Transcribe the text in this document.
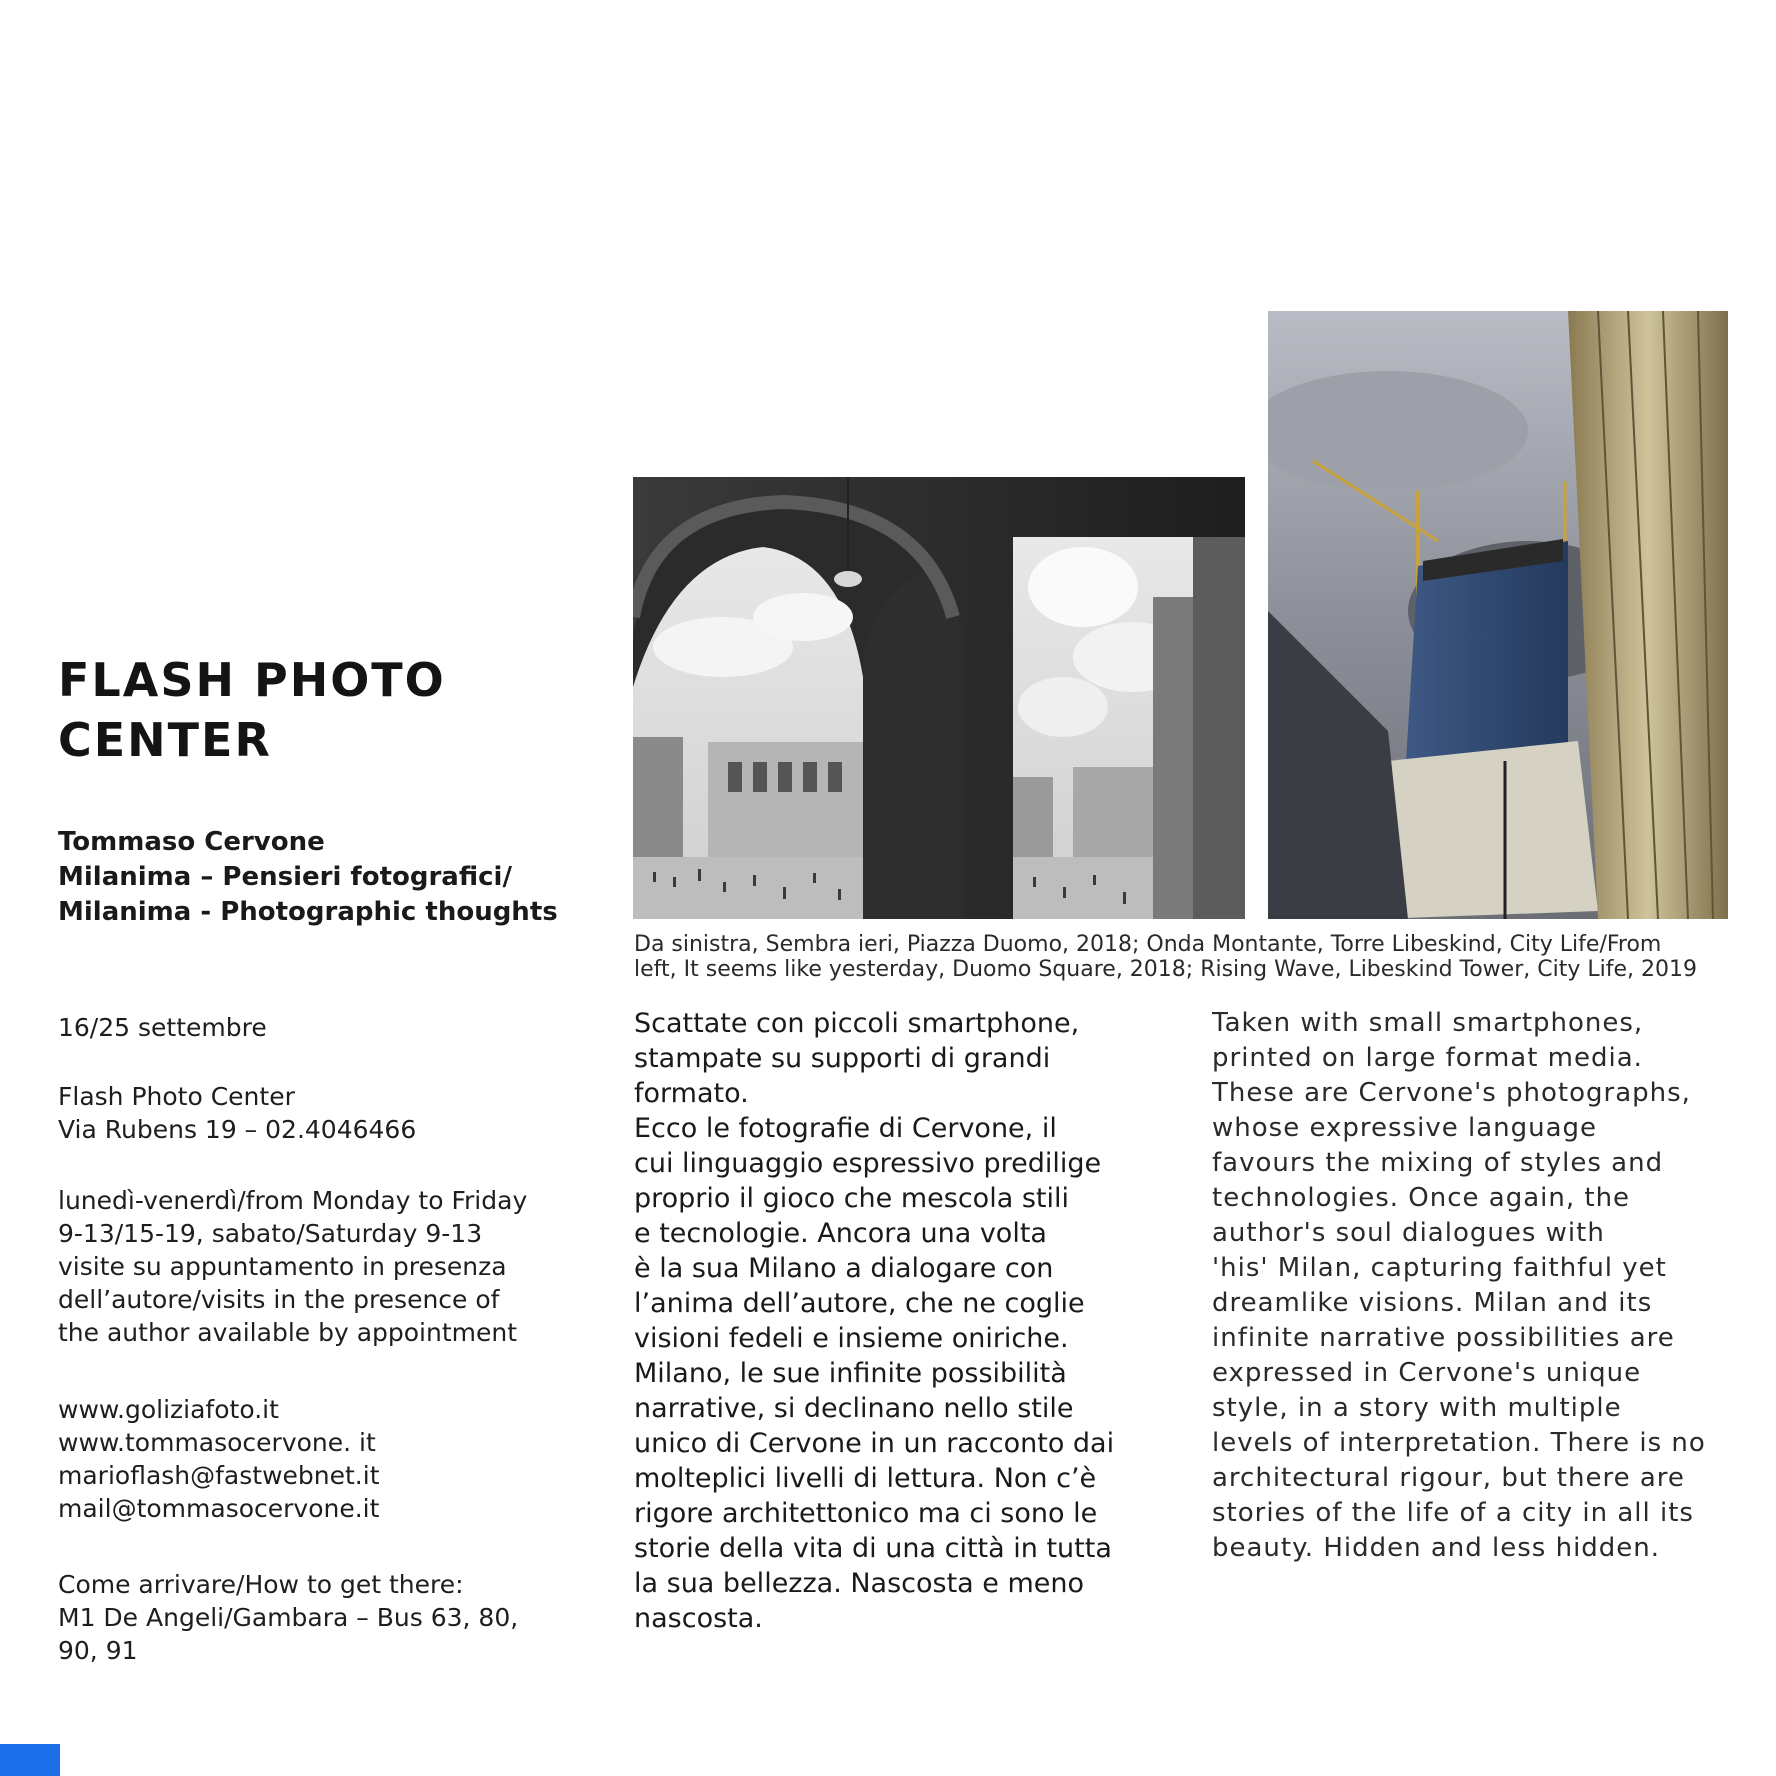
FLASH PHOTO
CENTER
Tommaso Cervone
Milanima – Pensieri fotografici/
Milanima - Photographic thoughts
16/25 settembre
Flash Photo Center
Via Rubens 19 – 02.4046466
lunedì-venerdì/from Monday to Friday
9-13/15-19, sabato/Saturday 9-13
visite su appuntamento in presenza
dell’autore/visits in the presence of
the author available by appointment
www.goliziafoto.it
www.tommasocervone. it
marioflash@fastwebnet.it
mail@tommasocervone.it
Come arrivare/How to get there:
M1 De Angeli/Gambara – Bus 63, 80,
90, 91
Da sinistra, Sembra ieri, Piazza Duomo, 2018; Onda Montante, Torre Libeskind, City Life/From
left, It seems like yesterday, Duomo Square, 2018; Rising Wave, Libeskind Tower, City Life, 2019
Scattate con piccoli smartphone,
stampate su supporti di grandi
formato.
Ecco le fotografie di Cervone, il
cui linguaggio espressivo predilige
proprio il gioco che mescola stili
e tecnologie. Ancora una volta
è la sua Milano a dialogare con
l’anima dell’autore, che ne coglie
visioni fedeli e insieme oniriche.
Milano, le sue infinite possibilità
narrative, si declinano nello stile
unico di Cervone in un racconto dai
molteplici livelli di lettura. Non c’è
rigore architettonico ma ci sono le
storie della vita di una città in tutta
la sua bellezza. Nascosta e meno
nascosta.
Taken with small smartphones,
printed on large format media.
These are Cervone's photographs,
whose expressive language
favours the mixing of styles and
technologies. Once again, the
author's soul dialogues with
'his' Milan, capturing faithful yet
dreamlike visions. Milan and its
infinite narrative possibilities are
expressed in Cervone's unique
style, in a story with multiple
levels of interpretation. There is no
architectural rigour, but there are
stories of the life of a city in all its
beauty. Hidden and less hidden.
